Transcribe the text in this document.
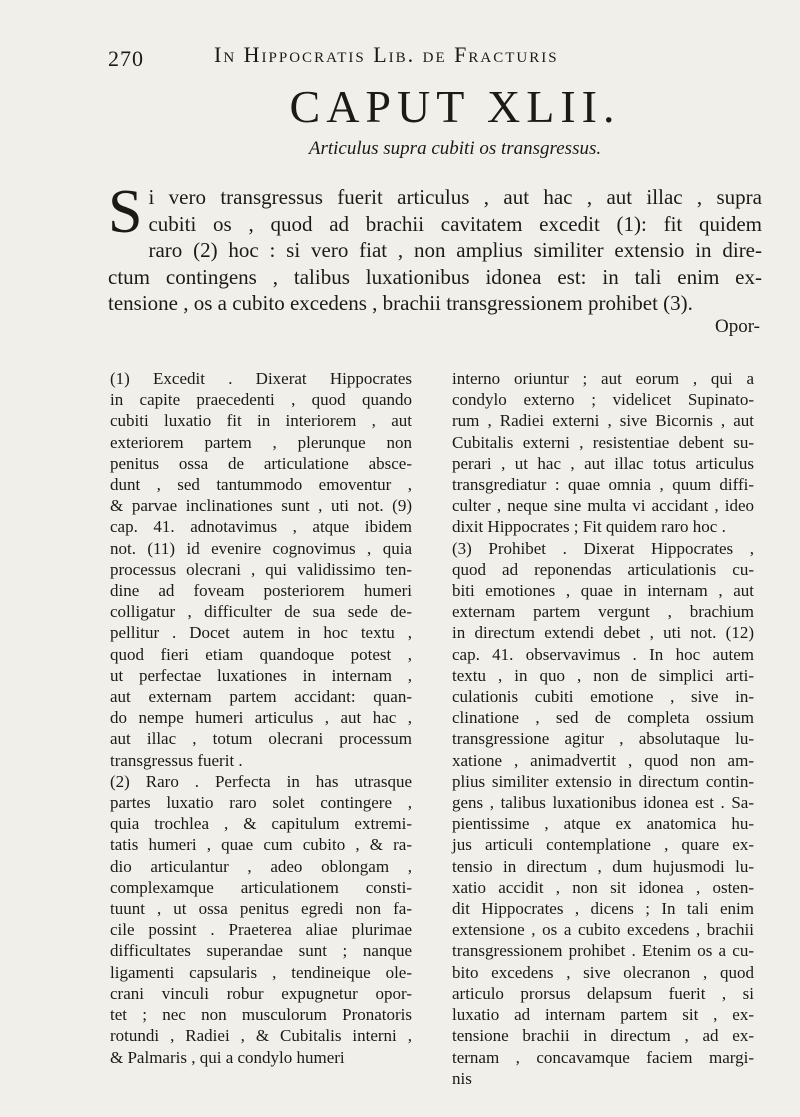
270	In Hippocratis Lib. de Fracturis
CAPUT XLII.
Articulus supra cubiti os transgressus.
S i vero transgressus fuerit articulus , aut hac , aut illac , supra
cubiti os , quod ad brachii cavitatem excedit (1): fit quidem
raro (2) hoc : si vero fiat , non amplius similiter extensio in dire-
ctum contingens , talibus luxationibus idonea est: in tali enim ex-
tensione , os a cubito excedens , brachii transgressionem prohibet (3).
Opor-
(1) Excedit . Dixerat Hippocrates
in capite praecedenti , quod quando
cubiti luxatio fit in interiorem , aut
exteriorem partem , plerunque non
penitus ossa de articulatione absce-
dunt , sed tantummodo emoventur ,
& parvae inclinationes sunt , uti not. (9)
cap. 41. adnotavimus , atque ibidem
not. (11) id evenire cognovimus , quia
processus olecrani , qui validissimo ten-
dine ad foveam posteriorem humeri
colligatur , difficulter de sua sede de-
pellitur . Docet autem in hoc textu ,
quod fieri etiam quandoque potest ,
ut perfectae luxationes in internam ,
aut externam partem accidant: quan-
do nempe humeri articulus , aut hac ,
aut illac , totum olecrani processum
transgressus fuerit .
(2) Raro . Perfecta in has utrasque
partes luxatio raro solet contingere ,
quia trochlea , & capitulum extremi-
tatis humeri , quae cum cubito , & ra-
dio articulantur , adeo oblongam ,
complexamque articulationem consti-
tuunt , ut ossa penitus egredi non fa-
cile possint . Praeterea aliae plurimae
difficultates superandae sunt ; nanque
ligamenti capsularis , tendineique ole-
crani vinculi robur expugnetur opor-
tet ; nec non musculorum Pronatoris
rotundi , Radiei , & Cubitalis interni ,
& Palmaris , qui a condylo humeri
interno oriuntur ; aut eorum , qui a
condylo externo ; videlicet Supinato-
rum , Radiei externi , sive Bicornis , aut
Cubitalis externi , resistentiae debent su-
perari , ut hac , aut illac totus articulus
transgrediatur : quae omnia , quum diffi-
culter , neque sine multa vi accidant , ideo
dixit Hippocrates ; Fit quidem raro hoc .
(3) Prohibet . Dixerat Hippocrates ,
quod ad reponendas articulationis cu-
biti emotiones , quae in internam , aut
externam partem vergunt , brachium
in directum extendi debet , uti not. (12)
cap. 41. observavimus . In hoc autem
textu , in quo , non de simplici arti-
culationis cubiti emotione , sive in-
clinatione , sed de completa ossium
transgressione agitur , absolutaque lu-
xatione , animadvertit , quod non am-
plius similiter extensio in directum contin-
gens , talibus luxationibus idonea est . Sa-
pientissime , atque ex anatomica hu-
jus articuli contemplatione , quare ex-
tensio in directum , dum hujusmodi lu-
xatio accidit , non sit idonea , osten-
dit Hippocrates , dicens ; In tali enim
extensione , os a cubito excedens , brachii
transgressionem prohibet . Etenim os a cu-
bito excedens , sive olecranon , quod
articulo prorsus delapsum fuerit , si
luxatio ad internam partem sit , ex-
tensione brachii in directum , ad ex-
ternam , concavamque faciem margi-
nis
